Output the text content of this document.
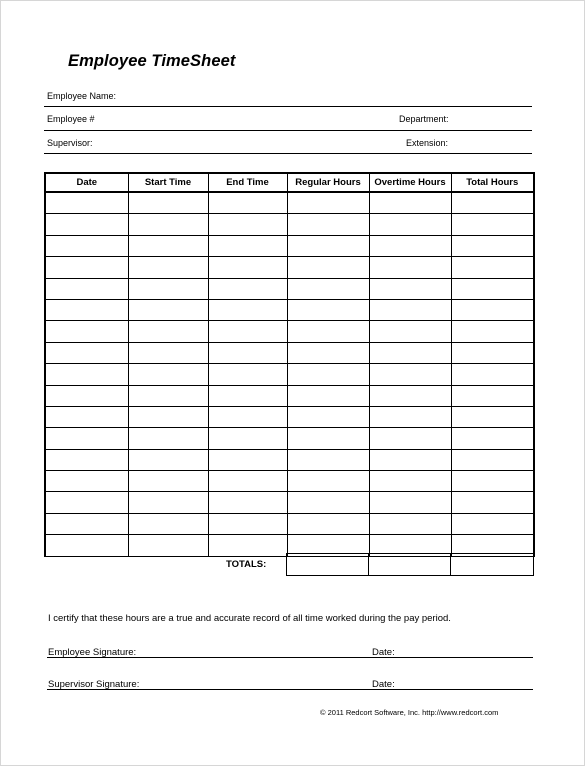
Employee TimeSheet
Employee Name:
Employee #	Department:
Supervisor:	Extension:
Date	Start Time	End Time	Regular Hours	Overtime Hours	Total Hours

TOTALS:

I certify that these hours are a true and accurate record of all time worked during the pay period.
Employee Signature:	Date:
Supervisor Signature:	Date:
© 2011 Redcort Software, Inc. http://www.redcort.com
